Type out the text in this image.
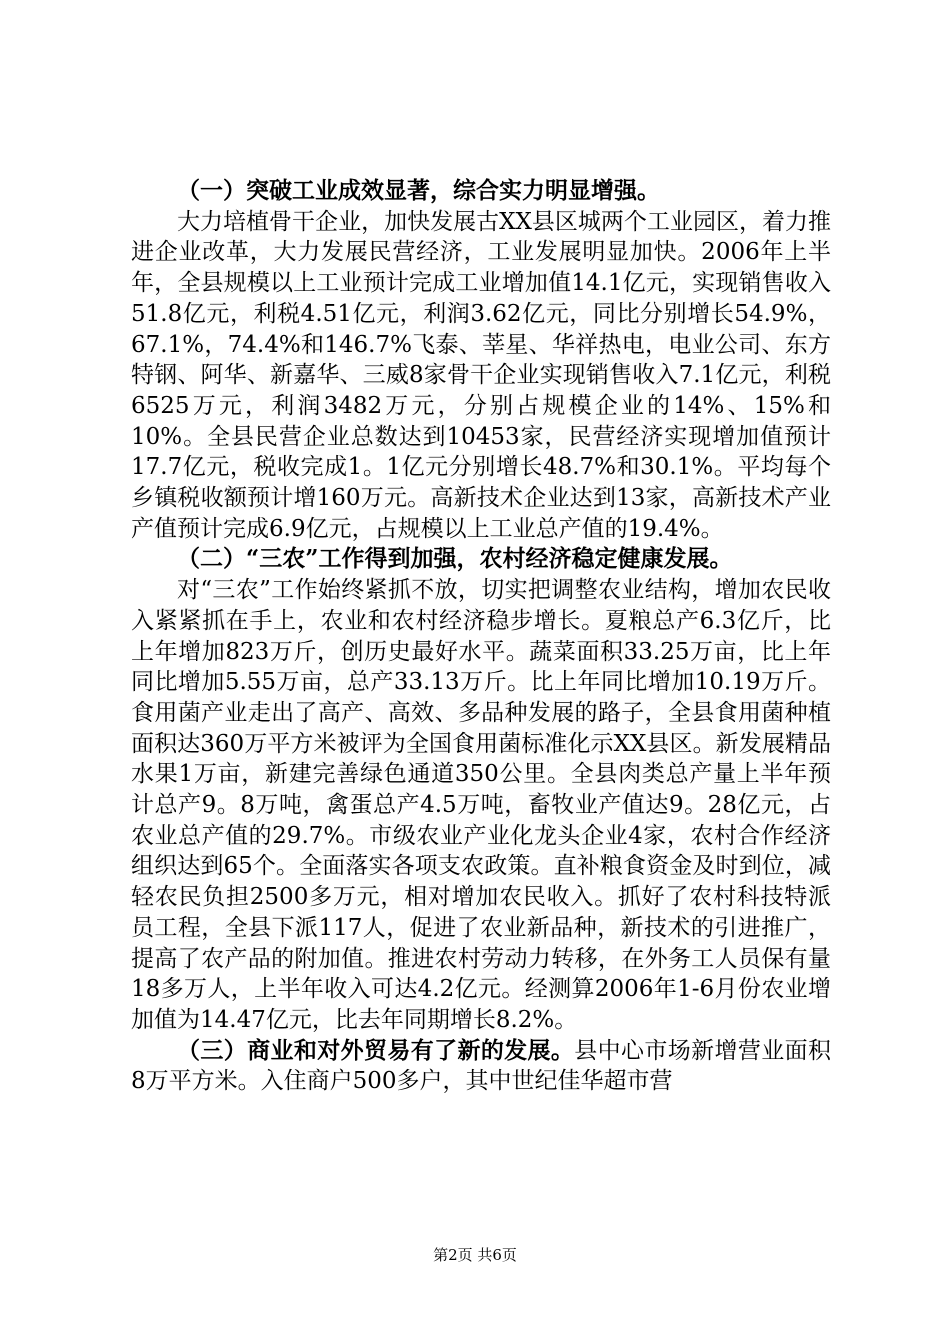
（一）突破工业成效显著，综合实力明显增强。

大力培植骨干企业，加快发展古XX县区城两个工业园区，着力推进企业改革，大力发展民营经济，工业发展明显加快。2006年上半年，全县规模以上工业预计完成工业增加值14.1亿元，实现销售收入51.8亿元，利税4.51亿元，利润3.62亿元，同比分别增长54.9%，67.1%，74.4%和146.7%飞泰、莘星、华祥热电，电业公司、东方特钢、阿华、新嘉华、三威8家骨干企业实现销售收入7.1亿元，利税6525万元，利润3482万元，分别占规模企业的14%、15%和10%。全县民营企业总数达到10453家，民营经济实现增加值预计17.7亿元，税收完成1。1亿元分别增长48.7%和30.1%。平均每个乡镇税收额预计增160万元。高新技术企业达到13家，高新技术产业产值预计完成6.9亿元，占规模以上工业总产值的19.4%。

（二）“三农”工作得到加强，农村经济稳定健康发展。

对“三农”工作始终紧抓不放，切实把调整农业结构，增加农民收入紧紧抓在手上，农业和农村经济稳步增长。夏粮总产6.3亿斤，比上年增加823万斤，创历史最好水平。蔬菜面积33.25万亩，比上年同比增加5.55万亩，总产33.13万斤。比上年同比增加10.19万斤。食用菌产业走出了高产、高效、多品种发展的路子，全县食用菌种植面积达360万平方米被评为全国食用菌标准化示XX县区。新发展精品水果1万亩，新建完善绿色通道350公里。全县肉类总产量上半年预计总产9。8万吨，禽蛋总产4.5万吨，畜牧业产值达9。28亿元，占农业总产值的29.7%。市级农业产业化龙头企业4家，农村合作经济组织达到65个。全面落实各项支农政策。直补粮食资金及时到位，减轻农民负担2500多万元，相对增加农民收入。抓好了农村科技特派员工程，全县下派117人，促进了农业新品种，新技术的引进推广，提高了农产品的附加值。推进农村劳动力转移，在外务工人员保有量18多万人，上半年收入可达4.2亿元。经测算2006年1-6月份农业增加值为14.47亿元，比去年同期增长8.2%。

（三）商业和对外贸易有了新的发展。县中心市场新增营业面积8万平方米。入住商户500多户，其中世纪佳华超市营

第2页 共6页
